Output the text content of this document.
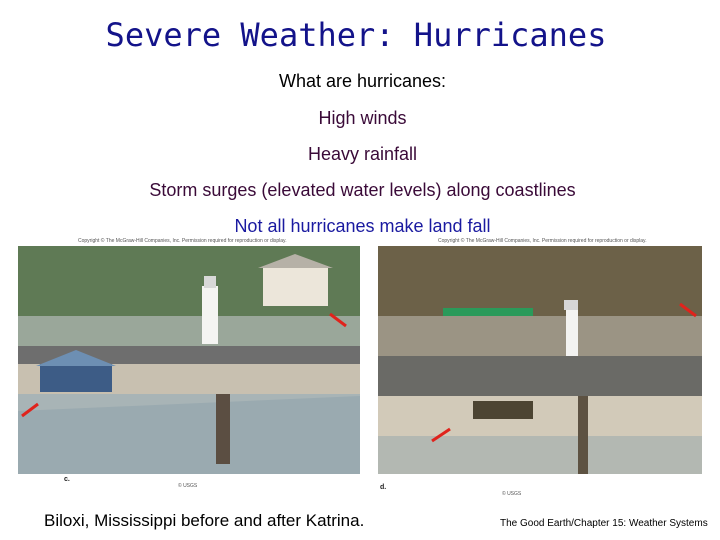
Severe Weather: Hurricanes
What are hurricanes:
High winds
Heavy rainfall
Storm surges (elevated water levels) along coastlines
Not all hurricanes make land fall
Copyright © The McGraw-Hill Companies, Inc. Permission required for reproduction or display.
c.
© USGS
Copyright © The McGraw-Hill Companies, Inc. Permission required for reproduction or display.
d.
© USGS
Biloxi, Mississippi before and after Katrina.	The Good Earth/Chapter 15: Weather Systems
